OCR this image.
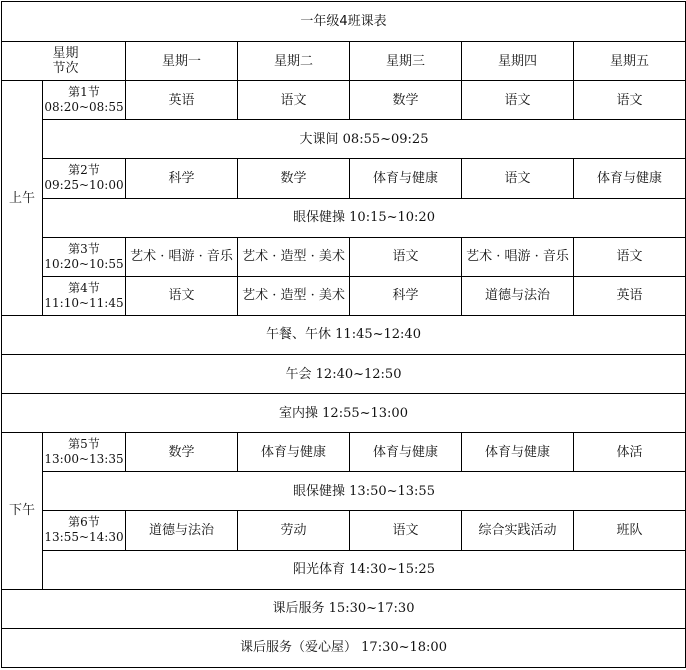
一年级4班课表						

星期
节次		星期一	星期二	星期三	星期四	星期五
上午	第1节
08:20~08:55	英语	语文	数学	语文	语文
	大课间 08:55~09:25					

	第2节
09:25~10:00	科学	数学	体育与健康	语文	体育与健康
	眼保健操 10:15~10:20					

	第3节
10:20~10:55	艺术 · 唱游 · 音乐	艺术 · 造型 · 美术	语文	艺术 · 唱游 · 音乐	语文

	第4节
11:10~11:45	语文	艺术 · 造型 · 美术	科学	道德与法治	英语
午餐、午休 11:45~12:40						
午会 12:40~12:50						
室内操 12:55~13:00						
下午	第5节
13:00~13:35	数学	体育与健康	体育与健康	体育与健康	体活
	眼保健操 13:50~13:55					

	第6节
13:55~14:30	道德与法治	劳动	语文	综合实践活动	班队
	阳光体育 14:30~15:25					
课后服务 15:30~17:30						
课后服务（爱心屋） 17:30~18:00						
